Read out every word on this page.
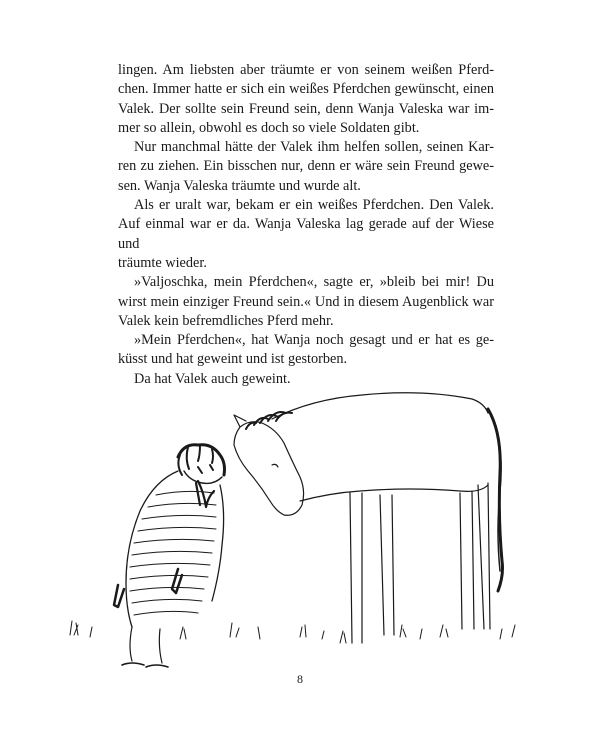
lingen. Am liebsten aber träumte er von seinem weißen Pferd-
chen. Immer hatte er sich ein weißes Pferdchen gewünscht, einen
Valek. Der sollte sein Freund sein, denn Wanja Valeska war im-
mer so allein, obwohl es doch so viele Soldaten gibt.
Nur manchmal hätte der Valek ihm helfen sollen, seinen Kar-
ren zu ziehen. Ein bisschen nur, denn er wäre sein Freund gewe-
sen. Wanja Valeska träumte und wurde alt.
Als er uralt war, bekam er ein weißes Pferdchen. Den Valek.
Auf einmal war er da. Wanja Valeska lag gerade auf der Wiese und
träumte wieder.
»Valjoschka, mein Pferdchen«, sagte er, »bleib bei mir! Du
wirst mein einziger Freund sein.« Und in diesem Augenblick war
Valek kein befremdliches Pferd mehr.
»Mein Pferdchen«, hat Wanja noch gesagt und er hat es ge-
küsst und hat geweint und ist gestorben.
Da hat Valek auch geweint.
8
